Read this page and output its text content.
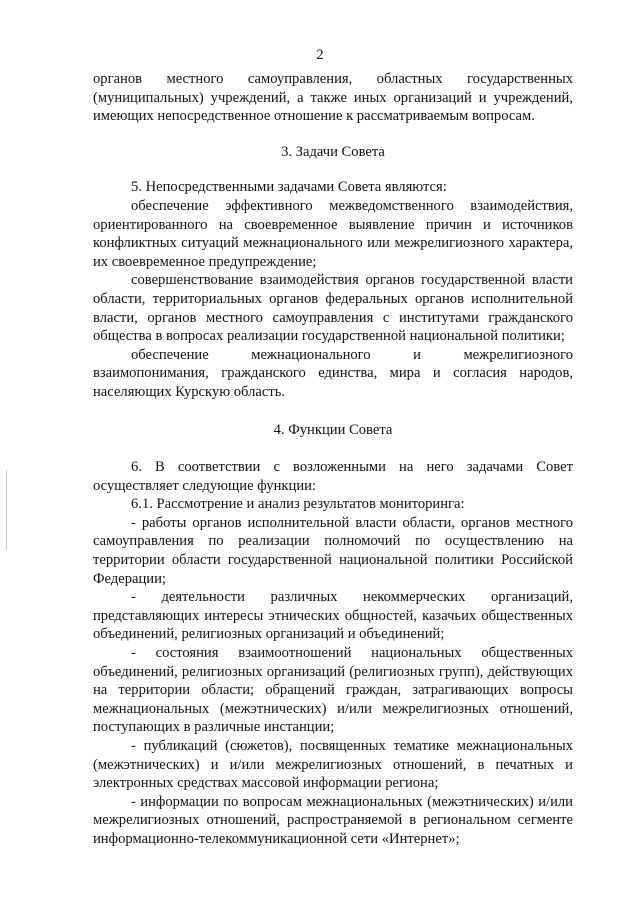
2

органов местного самоуправления, областных государственных (муниципальных) учреждений, а также иных организаций и учреждений, имеющих непосредственное отношение к рассматриваемым вопросам.

3. Задачи Совета

5. Непосредственными задачами Совета являются:

обеспечение эффективного межведомственного взаимодействия, ориентированного на своевременное выявление причин и источников конфликтных ситуаций межнационального или межрелигиозного характера, их своевременное предупреждение;

совершенствование взаимодействия органов государственной власти области, территориальных органов федеральных органов исполнительной власти, органов местного самоуправления с институтами гражданского общества в вопросах реализации государственной национальной политики;

обеспечение межнационального и межрелигиозного взаимопонимания, гражданского единства, мира и согласия народов, населяющих Курскую область.

4. Функции Совета

6. В соответствии с возложенными на него задачами Совет осуществляет следующие функции:

6.1. Рассмотрение и анализ результатов мониторинга:

- работы органов исполнительной власти области, органов местного самоуправления по реализации полномочий по осуществлению на территории области государственной национальной политики Российской Федерации;

- деятельности различных некоммерческих организаций, представляющих интересы этнических общностей, казачьих общественных объединений, религиозных организаций и объединений;

- состояния взаимоотношений национальных общественных объединений, религиозных организаций (религиозных групп), действующих на территории области; обращений граждан, затрагивающих вопросы межнациональных (межэтнических) и/или межрелигиозных отношений, поступающих в различные инстанции;

- публикаций (сюжетов), посвященных тематике межнациональных (межэтнических) и и/или межрелигиозных отношений, в печатных и электронных средствах массовой информации региона;

- информации по вопросам межнациональных (межэтнических) и/или межрелигиозных отношений, распространяемой в региональном сегменте информационно-телекоммуникационной сети «Интернет»;
